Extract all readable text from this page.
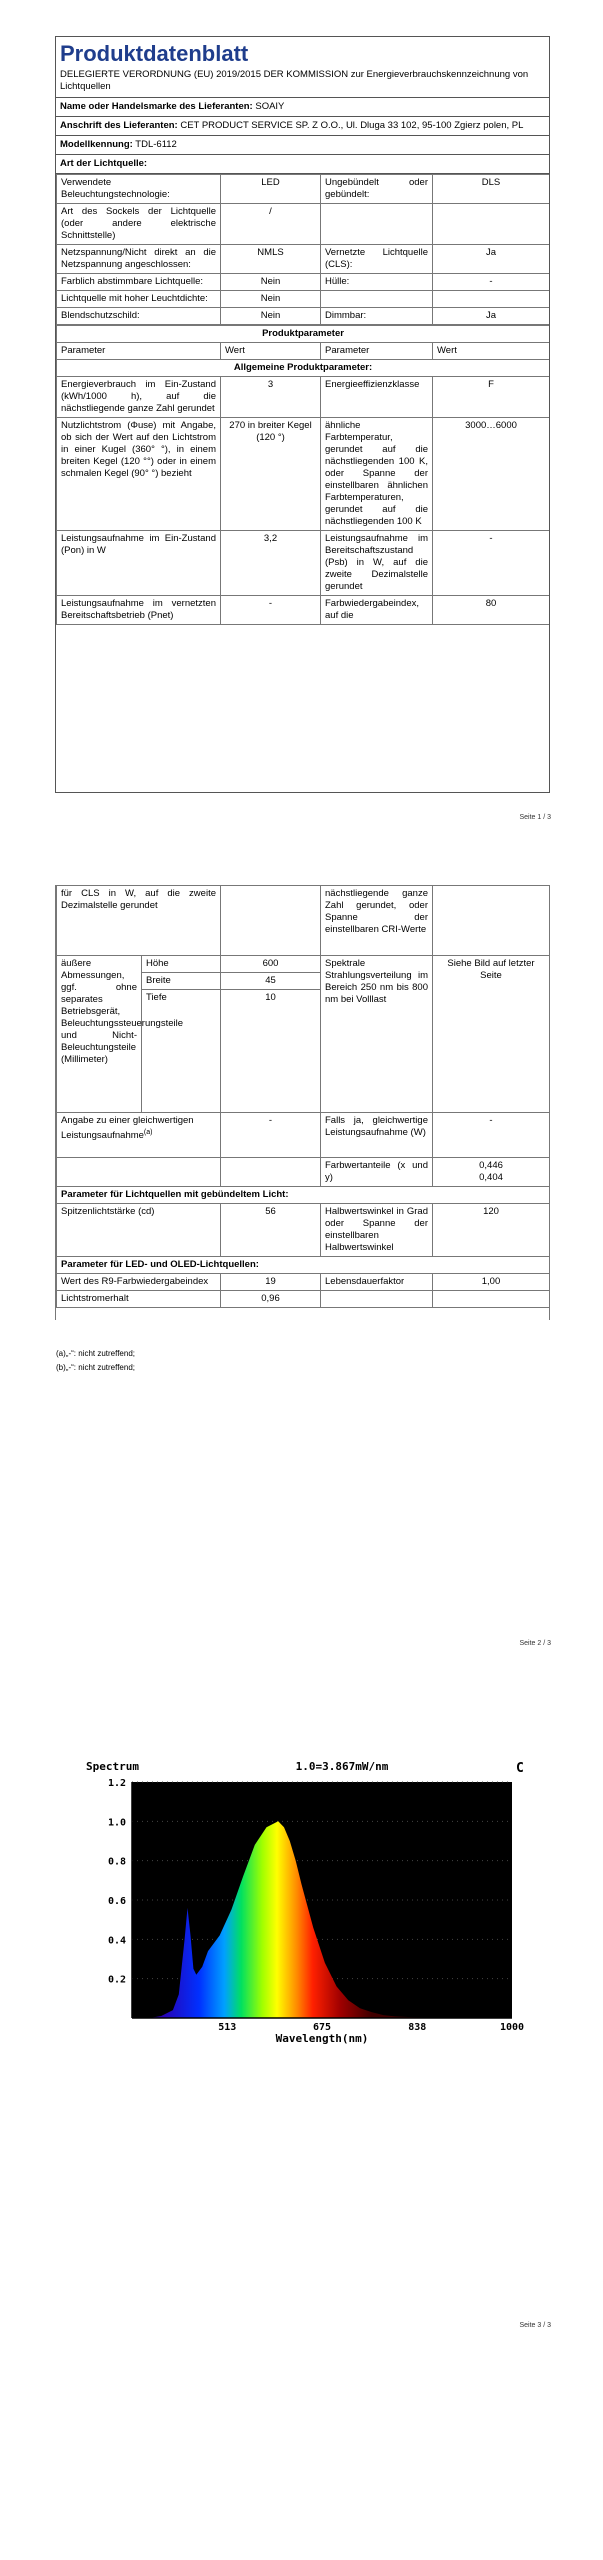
Produktdatenblatt
DELEGIERTE VERORDNUNG (EU) 2019/2015 DER KOMMISSION zur Energieverbrauchskennzeichnung von Lichtquellen
Name oder Handelsmarke des Lieferanten: SOAIY
Anschrift des Lieferanten: CET PRODUCT SERVICE SP. Z O.O., Ul. Dluga 33 102, 95-100 Zgierz polen, PL
Modellkennung: TDL-6112
Art der Lichtquelle:
Verwendete Beleuchtungstechnologie:	LED	Ungebündelt oder gebündelt:	DLS
Art des Sockels der Lichtquelle (oder andere elektrische Schnittstelle)	/		
Netzspannung/Nicht direkt an die Netzspannung angeschlossen:	NMLS	Vernetzte Lichtquelle (CLS):	Ja
Farblich abstimmbare Lichtquelle:	Nein	Hülle:	-
Lichtquelle mit hoher Leuchtdichte:	Nein		
Blendschutzschild:	Nein	Dimmbar:	Ja
Produktparameter			
Parameter	Wert	Parameter	Wert
Allgemeine Produktparameter:			
Energieverbrauch im Ein-Zustand (kWh/1000 h), auf die nächstliegende ganze Zahl gerundet	3	Energieeffizienzklasse	F
Nutzlichtstrom (Φuse) mit Angabe, ob sich der Wert auf den Lichtstrom in einer Kugel (360° °), in einem breiten Kegel (120 °°) oder in einem schmalen Kegel (90° °) bezieht	270 in breiter Kegel (120 °)	ähnliche Farbtemperatur, gerundet auf die nächstliegenden 100 K, oder Spanne der einstellbaren ähnlichen Farbtemperaturen, gerundet auf die nächstliegenden 100 K	3000…6000
Leistungsaufnahme im Ein-Zustand (Pon) in W	3,2	Leistungsaufnahme im Bereitschaftszustand (Psb) in W, auf die zweite Dezimalstelle gerundet	-
Leistungsaufnahme im vernetzten Bereitschaftsbetrieb (Pnet)	-	Farbwiedergabeindex, auf die	80
Seite 1 / 3
für CLS in W, auf die zweite Dezimalstelle gerundet			nächstliegende ganze Zahl gerundet, oder Spanne der einstellbaren CRI-Werte	
äußere Abmessungen, ggf. ohne separates Betriebsgerät, Beleuchtungssteuerungsteile und Nicht-Beleuchtungsteile (Millimeter)	Höhe	600	Spektrale Strahlungsverteilung im Bereich 250 nm bis 800 nm bei Volllast	Siehe Bild auf letzter Seite
	Breite	45		
	Tiefe	10		
Angabe zu einer gleichwertigen Leistungsaufnahme$^{(a)}$		-	Falls ja, gleichwertige Leistungsaufnahme (W)	-
			Farbwertanteile (x und y)	0,446
0,404

Parameter für Lichtquellen mit gebündeltem Licht:				
Spitzenlichtstärke (cd)		56	Halbwertswinkel in Grad oder Spanne der einstellbaren Halbwertswinkel	120
Parameter für LED- und OLED-Lichtquellen:				
Wert des R9-Farbwiedergabeindex		19	Lebensdauerfaktor	1,00
Lichtstromerhalt		0,96		
(a)„-“: nicht zutreffend;
(b)„-“: nicht zutreffend;
Seite 2 / 3
0.2
0.4
0.6
0.8
1.0
1.2
350	513	675	838	1000
Spectrum
Wavelength(nm)
1.0=3.867mW/nm	C
Seite 3 / 3
